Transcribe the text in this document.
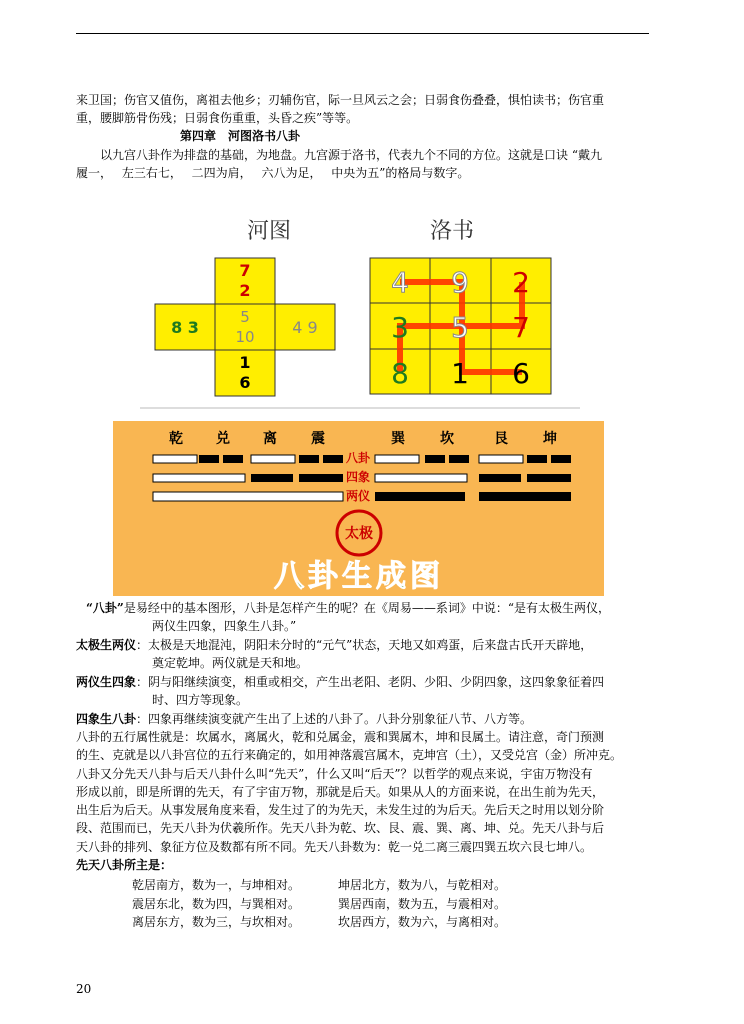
来卫国；伤官又值伤，离祖去他乡；刃辅伤官，际一旦风云之会；日弱食伤叠叠，惧怕读书；伤官重
重，腰脚筋骨伤残；日弱食伤重重，头昏之疾”等等。
第四章　河图洛书八卦
以九宫八卦作为排盘的基础，为地盘。九宫源于洛书，代表九个不同的方位。这就是口诀 “戴九
履一，　 左三右七，　 二四为肩，　 六八为足，　 中央为五”的格局与数字。
河图
7
2
5
10
8 3	4 9
1
6
洛书
4 9 2
3 5 7
8 1 6
乾 兑 离 震	巽	坎	艮	坤
八卦
四象
两仪
太极
八卦生成图
“八卦”是易经中的基本图形，八卦是怎样产生的呢？在《周易——系词》中说：“是有太极生两仪，
两仪生四象，四象生八卦。”
太极生两仪：太极是天地混沌，阴阳未分时的“元气”状态，天地又如鸡蛋，后来盘古氏开天辟地，
奠定乾坤。两仪就是天和地。
两仪生四象：阴与阳继续演变，相重或相交，产生出老阳、老阴、少阳、少阴四象，这四象象征着四
时、四方等现象。
四象生八卦：四象再继续演变就产生出了上述的八卦了。八卦分别象征八节、八方等。
八卦的五行属性就是：坎属水，离属火，乾和兑属金，震和巽属木，坤和艮属土。请注意，奇门预测
的生、克就是以八卦宫位的五行来确定的，如用神落震宫属木，克坤宫（土），又受兑宫（金）所冲克。
八卦又分先天八卦与后天八卦什么叫“先天”，什么又叫“后天”？以哲学的观点来说，宇宙万物没有
形成以前，即是所谓的先天，有了宇宙万物，那就是后天。如果从人的方面来说，在出生前为先天，
出生后为后天。从事发展角度来看，发生过了的为先天，未发生过的为后天。先后天之时用以划分阶
段、范围而已，先天八卦为伏羲所作。先天八卦为乾、坎、艮、震、巽、离、坤、兑。先天八卦与后
天八卦的排列、象征方位及数都有所不同。先天八卦数为：乾一兑二离三震四巽五坎六艮七坤八。
先天八卦所主是：
乾居南方，数为一，与坤相对。	坤居北方，数为八，与乾相对。
震居东北，数为四，与巽相对。	巽居西南，数为五，与震相对。
离居东方，数为三，与坎相对。	坎居西方，数为六，与离相对。
20
